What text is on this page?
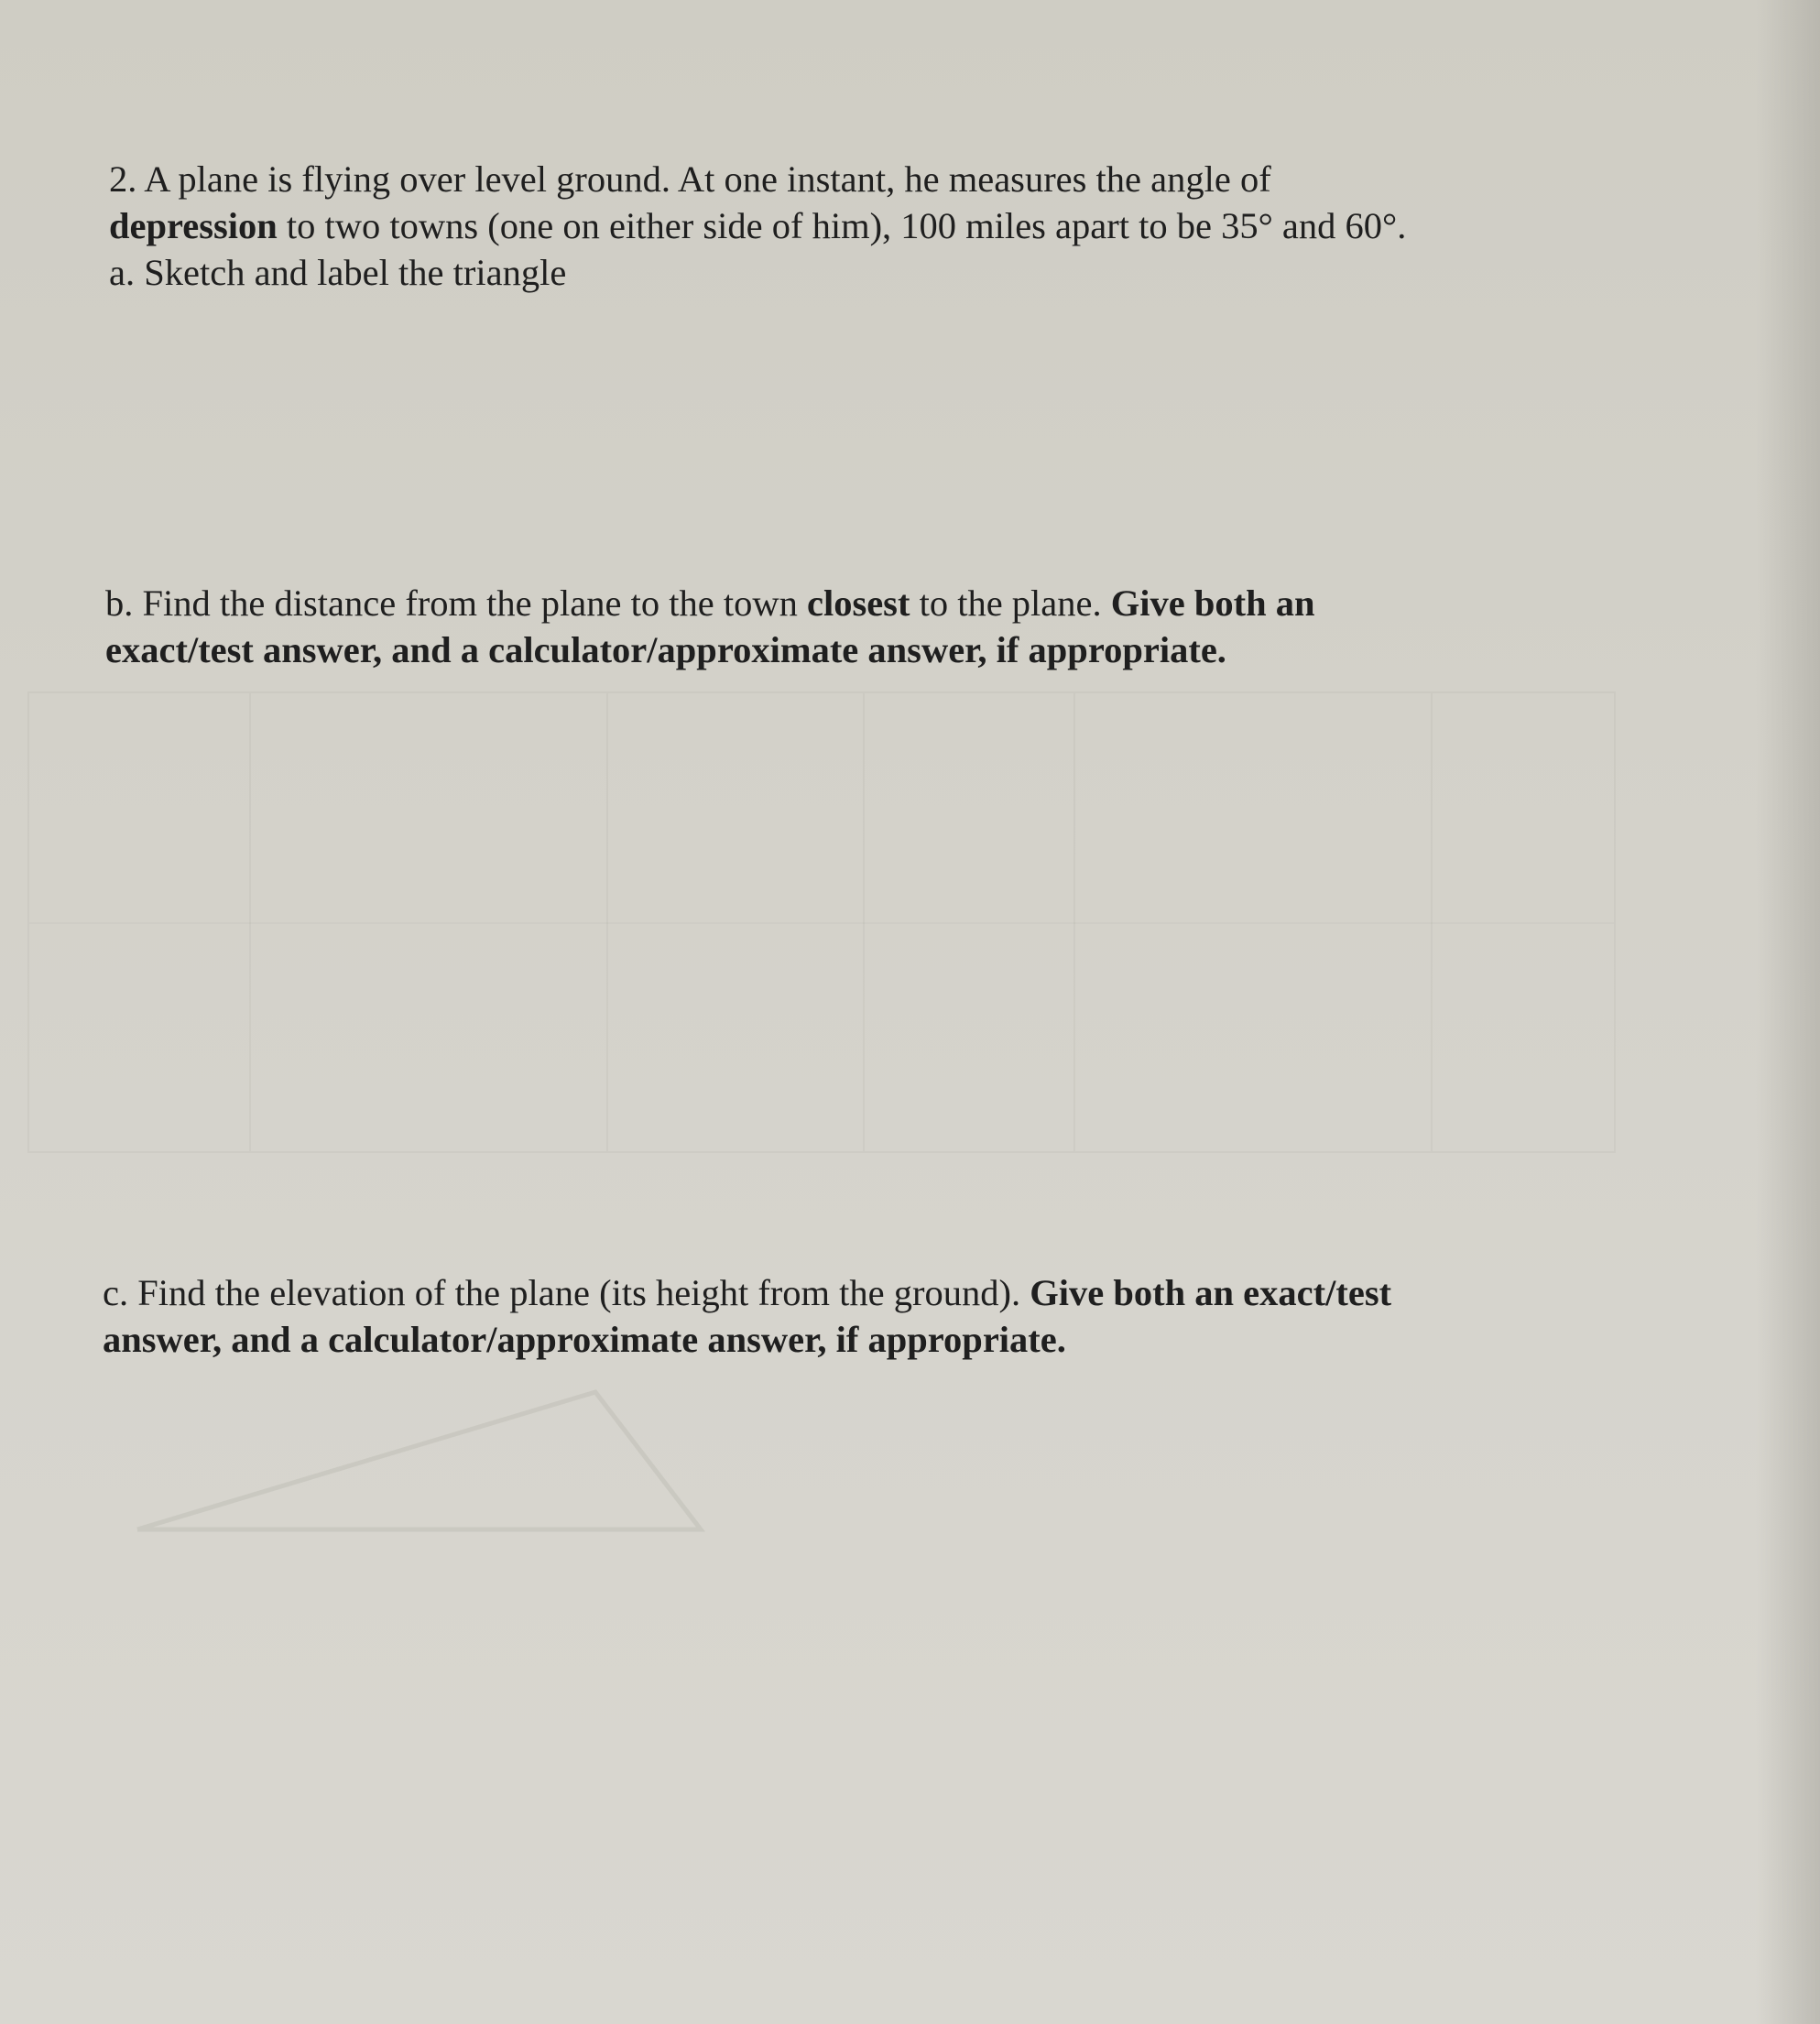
2. A plane is flying over level ground. At one instant, he measures the angle of
depression to two towns (one on either side of him), 100 miles apart to be 35° and 60°.
a. Sketch and label the triangle
b. Find the distance from the plane to the town closest to the plane. Give both an
exact/test answer, and a calculator/approximate answer, if appropriate.
c. Find the elevation of the plane (its height from the ground). Give both an exact/test
answer, and a calculator/approximate answer, if appropriate.
